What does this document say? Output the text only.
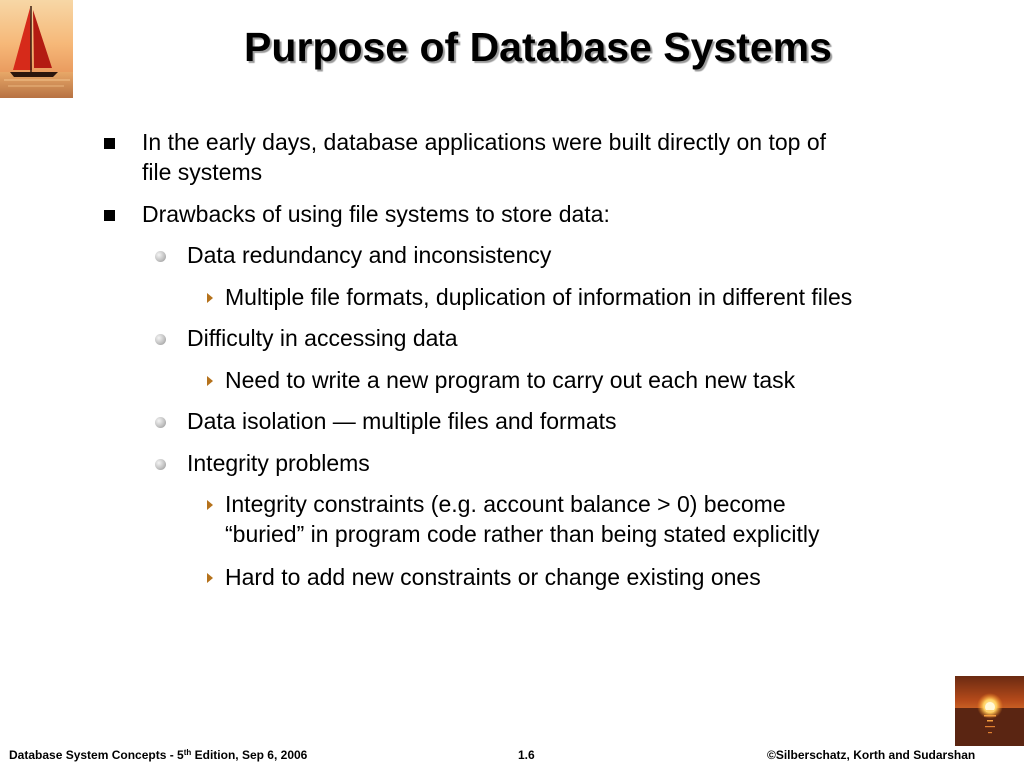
Purpose of Database Systems
In the early days, database applications were built directly on top of
file systems
Drawbacks of using file systems to store data:
Data redundancy and inconsistency
Multiple file formats, duplication of information in different files
Difficulty in accessing data
Need to write a new program to carry out each new task
Data isolation — multiple files and formats
Integrity problems
Integrity constraints (e.g. account balance > 0) become
“buried” in program code rather than being stated explicitly
Hard to add new constraints or change existing ones
Database System Concepts - 5th Edition, Sep 6, 2006	1.6	©Silberschatz, Korth and Sudarshan
